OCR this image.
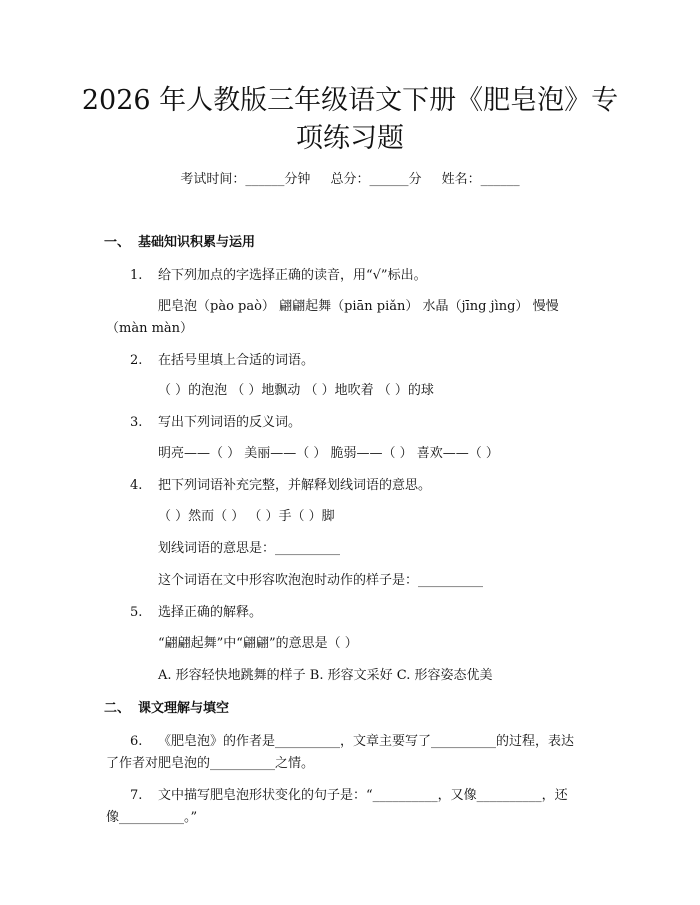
2026 年人教版三年级语文下册《肥皂泡》专
项练习题
考试时间：______分钟 总分：______分 姓名：______
一、 基础知识积累与运用
1. 给下列加点的字选择正确的读音，用“√”标出。
肥皂泡（pào paò） 翩翩起舞（piān piǎn） 水晶（jīng jìng） 慢慢
（màn màn）
2. 在括号里填上合适的词语。
（ ）的泡泡 （ ）地飘动 （ ）地吹着 （ ）的球
3. 写出下列词语的反义词。
明亮——（ ） 美丽——（ ） 脆弱——（ ） 喜欢——（ ）
4. 把下列词语补充完整，并解释划线词语的意思。
（ ）然而（ ） （ ）手（ ）脚
划线词语的意思是：__________
这个词语在文中形容吹泡泡时动作的样子是：__________
5. 选择正确的解释。
“翩翩起舞”中“翩翩”的意思是（ ）
A. 形容轻快地跳舞的样子 B. 形容文采好 C. 形容姿态优美
二、 课文理解与填空
6. 《肥皂泡》的作者是__________，文章主要写了__________的过程，表达
了作者对肥皂泡的__________之情。
7. 文中描写肥皂泡形状变化的句子是：“__________，又像__________，还
像__________。”
